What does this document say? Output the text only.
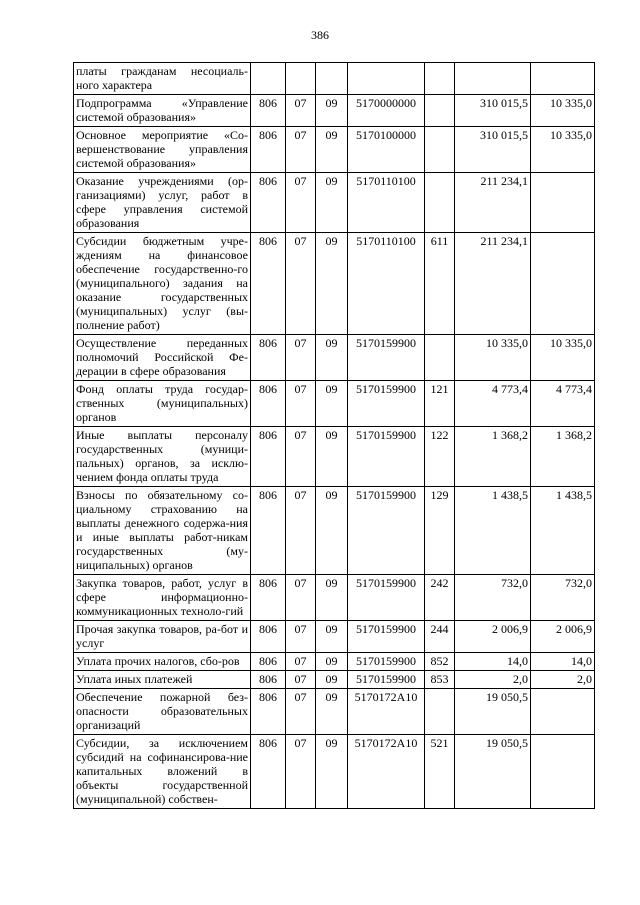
386
платы гражданам несоциаль-ного характера							
Подпрограмма «Управление системой образования»	806	07	09	5170000000		310 015,5	10 335,0
Основное мероприятие «Со-вершенствование управления системой образования»	806	07	09	5170100000		310 015,5	10 335,0
Оказание учреждениями (ор-ганизациями) услуг, работ в сфере управления системой образования	806	07	09	5170110100		211 234,1	
Субсидии бюджетным учре-ждениям на финансовое обеспечение государственно-го (муниципального) задания на оказание государственных (муниципальных) услуг (вы-полнение работ)	806	07	09	5170110100	611	211 234,1	
Осуществление переданных полномочий Российской Фе-дерации в сфере образования	806	07	09	5170159900		10 335,0	10 335,0
Фонд оплаты труда государ-ственных (муниципальных) органов	806	07	09	5170159900	121	4 773,4	4 773,4
Иные выплаты персоналу государственных (муници-пальных) органов, за исклю-чением фонда оплаты труда	806	07	09	5170159900	122	1 368,2	1 368,2
Взносы по обязательному со-циальному страхованию на выплаты денежного содержа-ния и иные выплаты работ-никам государственных (му-ниципальных) органов	806	07	09	5170159900	129	1 438,5	1 438,5
Закупка товаров, работ, услуг в сфере информационно-коммуникационных техноло-гий	806	07	09	5170159900	242	732,0	732,0
Прочая закупка товаров, ра-бот и услуг	806	07	09	5170159900	244	2 006,9	2 006,9
Уплата прочих налогов, сбо-ров	806	07	09	5170159900	852	14,0	14,0
Уплата иных платежей	806	07	09	5170159900	853	2,0	2,0
Обеспечение пожарной без-опасности образовательных организаций	806	07	09	5170172A10		19 050,5	
Субсидии, за исключением субсидий на софинансирова-ние капитальных вложений в объекты государственной (муниципальной) собствен-	806	07	09	5170172A10	521	19 050,5	
